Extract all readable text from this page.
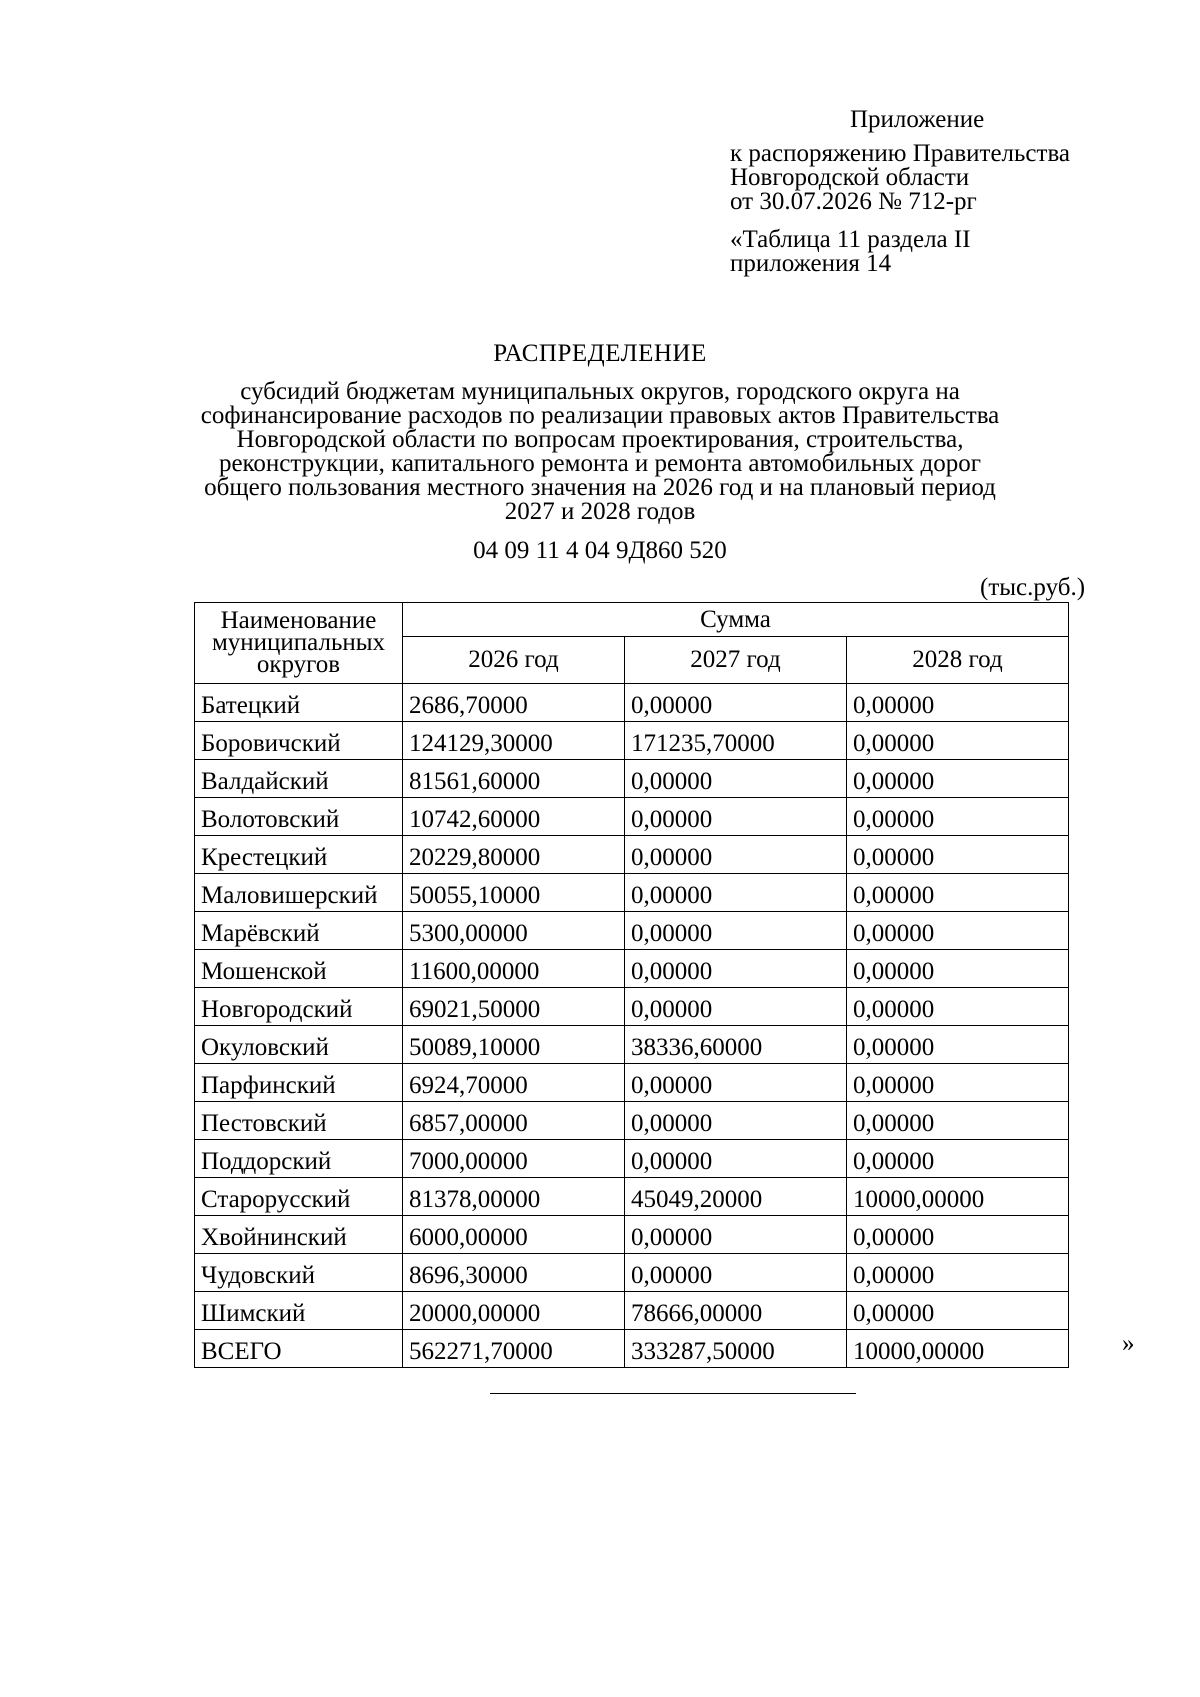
Приложение
к распоряжению Правительства
Новгородской области
от 30.07.2026 № 712-рг
«Таблица 11 раздела II
приложения 14
РАСПРЕДЕЛЕНИЕ
субсидий бюджетам муниципальных округов, городского округа на
софинансирование расходов по реализации правовых актов Правительства
Новгородской области по вопросам проектирования, строительства,
реконструкции, капитального ремонта и ремонта автомобильных дорог
общего пользования местного значения на 2026 год и на плановый период
2027 и 2028 годов
04 09 11 4 04 9Д860 520
(тыс.руб.)
Наименование муниципальных округов	Сумма		
	2026 год	2027 год	2028 год
Батецкий	2686,70000	0,00000	0,00000
Боровичский	124129,30000	171235,70000	0,00000
Валдайский	81561,60000	0,00000	0,00000
Волотовский	10742,60000	0,00000	0,00000
Крестецкий	20229,80000	0,00000	0,00000
Маловишерский	50055,10000	0,00000	0,00000
Марёвский	5300,00000	0,00000	0,00000
Мошенской	11600,00000	0,00000	0,00000
Новгородский	69021,50000	0,00000	0,00000
Окуловский	50089,10000	38336,60000	0,00000
Парфинский	6924,70000	0,00000	0,00000
Пестовский	6857,00000	0,00000	0,00000
Поддорский	7000,00000	0,00000	0,00000
Старорусский	81378,00000	45049,20000	10000,00000
Хвойнинский	6000,00000	0,00000	0,00000
Чудовский	8696,30000	0,00000	0,00000
Шимский	20000,00000	78666,00000	0,00000
ВСЕГО	562271,70000	333287,50000	10000,00000	»
